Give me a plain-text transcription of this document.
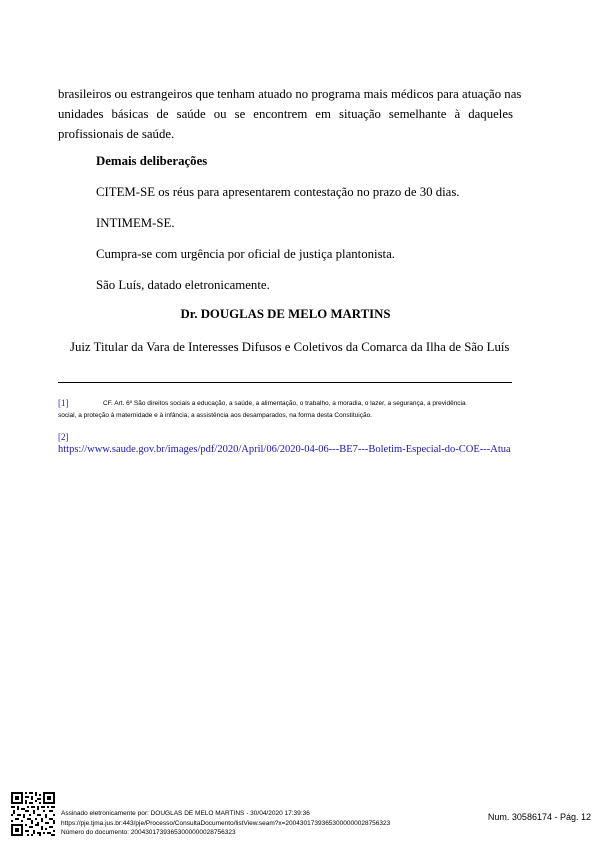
brasileiros ou estrangeiros que tenham atuado no programa mais médicos para atuação nas
unidades básicas de saúde ou se encontrem em situação semelhante à daqueles
profissionais de saúde.
Demais deliberações
CITEM-SE os réus para apresentarem contestação no prazo de 30 dias.
INTIMEM-SE.
Cumpra-se com urgência por oficial de justiça plantonista.
São Luís, datado eletronicamente.
Dr. DOUGLAS DE MELO MARTINS
Juiz Titular da Vara de Interesses Difusos e Coletivos da Comarca da Ilha de São Luís
[1]	CF. Art. 6º São direitos sociais a educação, a saúde, a alimentação, o trabalho, a moradia, o lazer, a segurança, a previdência
social, a proteção à maternidade e à infância, a assistência aos desamparados, na forma desta Constituição.
[2]
https://www.saude.gov.br/images/pdf/2020/April/06/2020-04-06---BE7---Boletim-Especial-do-COE---Atua
Assinado eletronicamente por: DOUGLAS DE MELO MARTINS - 30/04/2020 17:39:36
https://pje.tjma.jus.br:443/pje/Processo/ConsultaDocumento/listView.seam?x=20043017393653000000028756323
Número do documento: 20043017393653000000028756323
Num. 30586174 - Pág. 12
